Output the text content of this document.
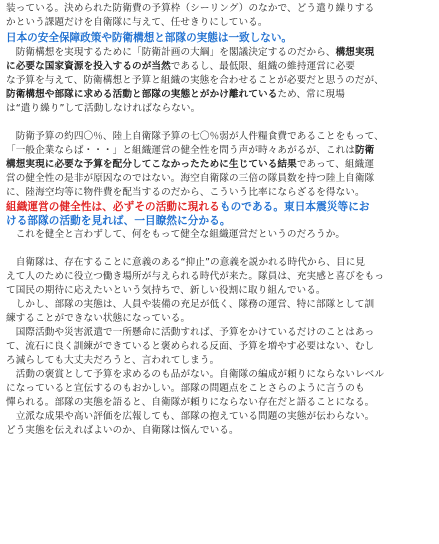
装っている。決められた防衛費の予算枠（シーリング）のなかで、どう遣り繰りする
かという課題だけを自衛隊に与えて、任せきりにしている。
日本の安全保障政策や防衛構想と部隊の実態は一致しない。
　防衛構想を実現するために「防衛計画の大綱」を閣議決定するのだから、構想実現
に必要な国家資源を投入するのが当然であるし、最低限、組織の維持運営に必要
な予算を与えて、防衛構想と予算と組織の実態を合わせることが必要だと思うのだが、
防衛構想や部隊に求める活動と部隊の実態とがかけ離れているため、常に現場
は“遣り繰り”して活動しなければならない。
　防衛予算の約四〇％、陸上自衛隊予算の七〇％弱が人件糧食費であることをもって、
「一般企業ならば・・・」と組織運営の健全性を問う声が時々あがるが、これは防衛
構想実現に必要な予算を配分してこなかったために生じている結果であって、組織運
営の健全性の是非が原因なのではない。海空自衛隊の三倍の隊員数を持つ陸上自衛隊
に、陸海空均等に物件費を配当するのだから、こういう比率にならざるを得ない。
組織運営の健全性は、必ずその活動に現れるものである。東日本震災等にお
ける部隊の活動を見れば、一目瞭然に分かる。
　これを健全と言わずして、何をもって健全な組織運営だというのだろうか。
　自衛隊は、存在することに意義のある“抑止”の意義を説かれる時代から、目に見
えて人のために役立つ働き場所が与えられる時代が来た。隊員は、充実感と喜びをもっ
て国民の期待に応えたいという気持ちで、新しい役割に取り組んでいる。
　しかし、部隊の実態は、人員や装備の充足が低く、隊務の運営、特に部隊として訓
練することができない状態になっている。
　国際活動や災害派遣で一所懸命に活動すれば、予算をかけているだけのことはあっ
て、流石に良く訓練ができていると褒められる反面、予算を増やす必要はない、むし
ろ減らしても大丈夫だろうと、言われてしまう。
　活動の褒賞として予算を求めるのも品がない。自衛隊の編成が頼りにならないレベル
になっていると宣伝するのもおかしい。部隊の問題点をことさらのように言うのも
憚られる。部隊の実態を語ると、自衛隊が頼りにならない存在だと語ることになる。
　立派な成果や高い評価を広報しても、部隊の抱えている問題の実態が伝わらない。
どう実態を伝えればよいのか、自衛隊は悩んでいる。
